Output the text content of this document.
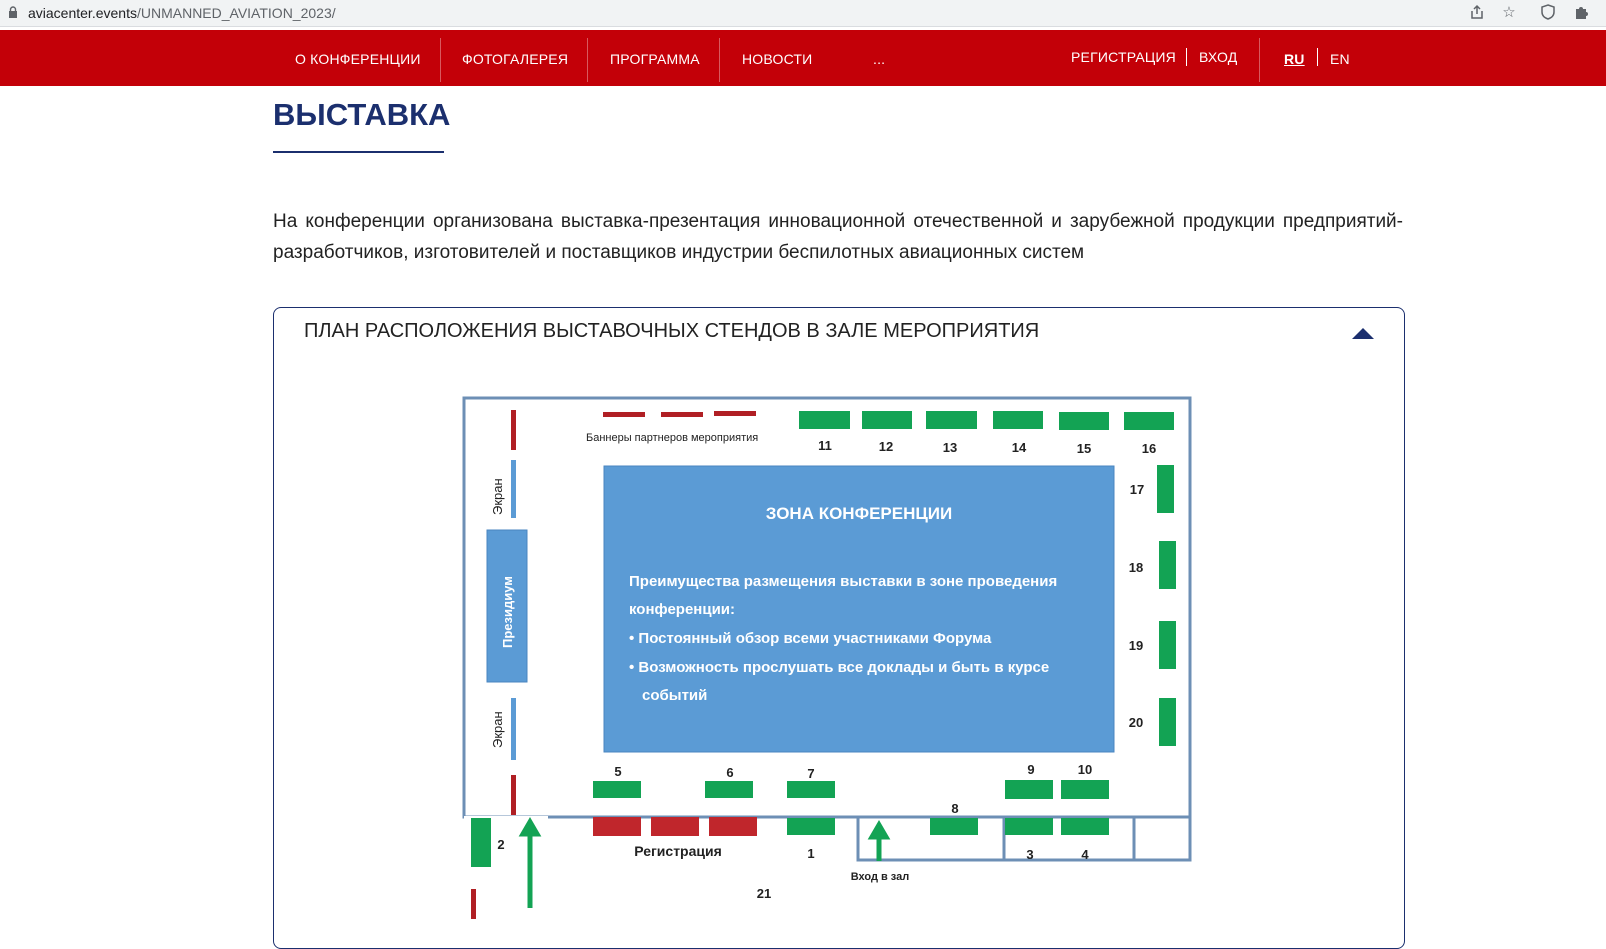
aviacenter.events/UNMANNED_AVIATION_2023/	☆
О КОНФЕРЕНЦИИ	ФОТОГАЛЕРЕЯ	ПРОГРАММА	НОВОСТИ	...	РЕГИСТРАЦИЯ ВХОД	RU EN
ВЫСТАВКА
На конференции организована выставка-презентация инновационной отечественной и зарубежной продукции предприятий-разработчиков, изготовителей и поставщиков индустрии беспилотных авиационных систем
ПЛАН РАСПОЛОЖЕНИЯ ВЫСТАВОЧНЫХ СТЕНДОВ В ЗАЛЕ МЕРОПРИЯТИЯ
Экран
Экран
Президиум
Баннеры партнеров мероприятия
ЗОНА КОНФЕРЕНЦИИ
Преимущества размещения выставки в зоне проведения
конференции:
• Постоянный обзор всеми участниками Форума
• Возможность прослушать все доклады и быть в курсе
событий
11	12	13	14	15	16
17
18
19
20
5	6	7	9	10
Регистрация	1
8
3	4
2
21
Вход в зал
